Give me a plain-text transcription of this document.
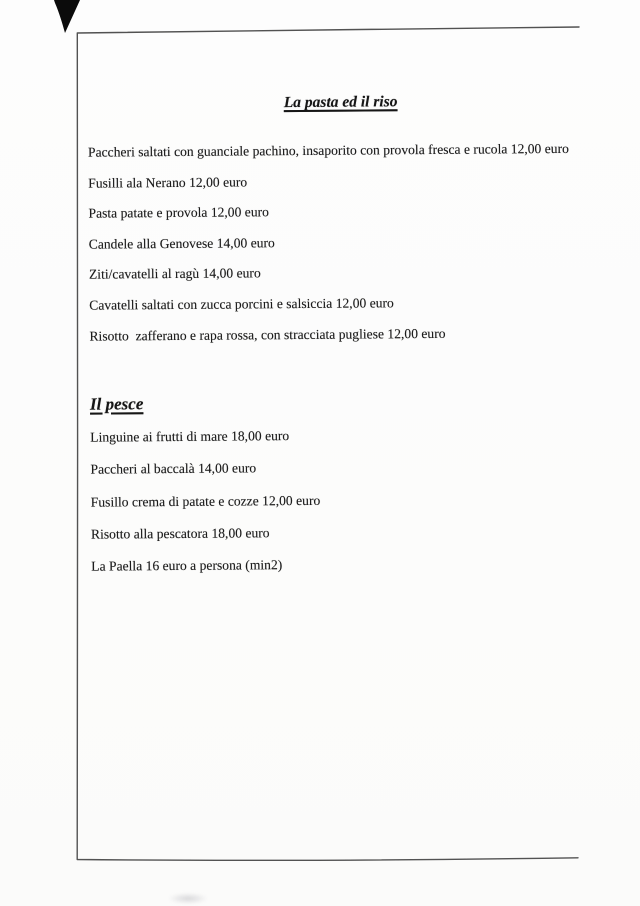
La pasta ed il riso

Paccheri saltati con guanciale pachino, insaporito con provola fresca e rucola 12,00 euro

Fusilli ala Nerano 12,00 euro

Pasta patate e provola 12,00 euro

Candele alla Genovese 14,00 euro

Ziti/cavatelli al ragù 14,00 euro

Cavatelli saltati con zucca porcini e salsiccia 12,00 euro

Risotto  zafferano e rapa rossa, con stracciata pugliese 12,00 euro

Il pesce

Linguine ai frutti di mare 18,00 euro

Paccheri al baccalà 14,00 euro

Fusillo crema di patate e cozze 12,00 euro

Risotto alla pescatora 18,00 euro

La Paella 16 euro a persona (min2)
